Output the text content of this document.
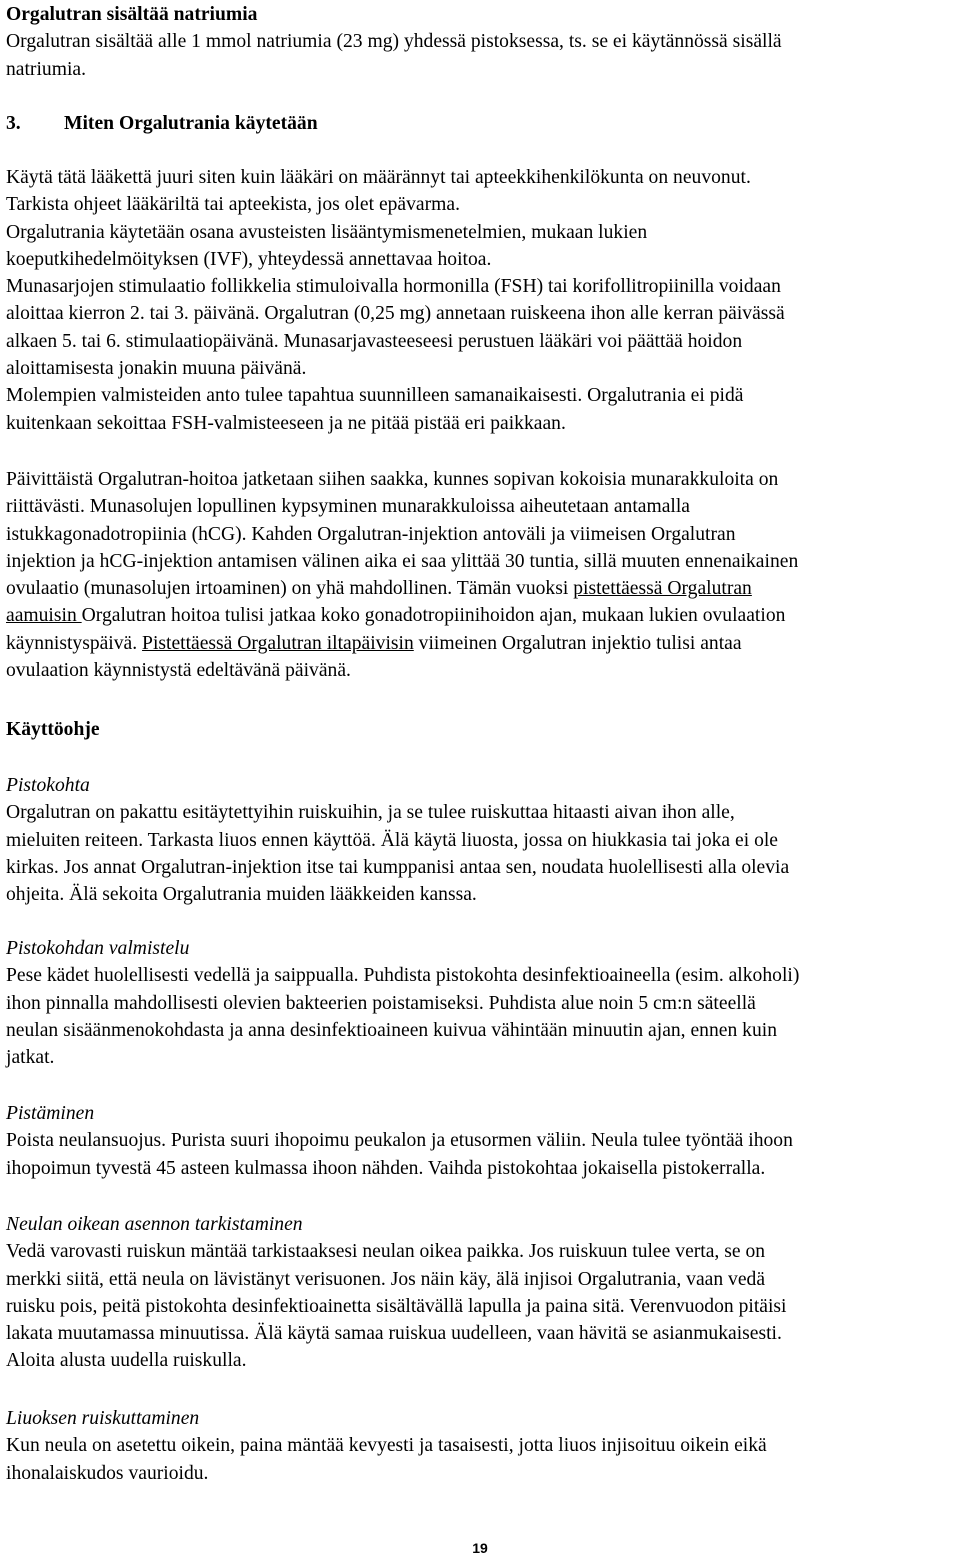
Orgalutran sisältää natriumia

Orgalutran sisältää alle 1 mmol natriumia (23 mg) yhdessä pistoksessa, ts. se ei käytännössä sisällä

natriumia.

3. Miten Orgalutrania käytetään

Käytä tätä lääkettä juuri siten kuin lääkäri on määrännyt tai apteekkihenkilökunta on neuvonut.

Tarkista ohjeet lääkäriltä tai apteekista, jos olet epävarma.

Orgalutrania käytetään osana avusteisten lisääntymismenetelmien, mukaan lukien

koeputkihedelmöityksen (IVF), yhteydessä annettavaa hoitoa.

Munasarjojen stimulaatio follikkelia stimuloivalla hormonilla (FSH) tai korifollitropiinilla voidaan

aloittaa kierron 2. tai 3. päivänä. Orgalutran (0,25 mg) annetaan ruiskeena ihon alle kerran päivässä

alkaen 5. tai 6. stimulaatiopäivänä. Munasarjavasteeseesi perustuen lääkäri voi päättää hoidon

aloittamisesta jonakin muuna päivänä.

Molempien valmisteiden anto tulee tapahtua suunnilleen samanaikaisesti. Orgalutrania ei pidä

kuitenkaan sekoittaa FSH-valmisteeseen ja ne pitää pistää eri paikkaan.

Päivittäistä Orgalutran-hoitoa jatketaan siihen saakka, kunnes sopivan kokoisia munarakkuloita on

riittävästi. Munasolujen lopullinen kypsyminen munarakkuloissa aiheutetaan antamalla

istukkagonadotropiinia (hCG). Kahden Orgalutran-injektion antoväli ja viimeisen Orgalutran

injektion ja hCG-injektion antamisen välinen aika ei saa ylittää 30 tuntia, sillä muuten ennenaikainen

ovulaatio (munasolujen irtoaminen) on yhä mahdollinen. Tämän vuoksi pistettäessä Orgalutran

aamuisin Orgalutran hoitoa tulisi jatkaa koko gonadotropiinihoidon ajan, mukaan lukien ovulaation

käynnistyspäivä. Pistettäessä Orgalutran iltapäivisin viimeinen Orgalutran injektio tulisi antaa

ovulaation käynnistystä edeltävänä päivänä.

Käyttöohje

Pistokohta

Orgalutran on pakattu esitäytettyihin ruiskuihin, ja se tulee ruiskuttaa hitaasti aivan ihon alle,

mieluiten reiteen. Tarkasta liuos ennen käyttöä. Älä käytä liuosta, jossa on hiukkasia tai joka ei ole

kirkas. Jos annat Orgalutran-injektion itse tai kumppanisi antaa sen, noudata huolellisesti alla olevia

ohjeita. Älä sekoita Orgalutrania muiden lääkkeiden kanssa.

Pistokohdan valmistelu

Pese kädet huolellisesti vedellä ja saippualla. Puhdista pistokohta desinfektioaineella (esim. alkoholi)

ihon pinnalla mahdollisesti olevien bakteerien poistamiseksi. Puhdista alue noin 5 cm:n säteellä

neulan sisäänmenokohdasta ja anna desinfektioaineen kuivua vähintään minuutin ajan, ennen kuin

jatkat.

Pistäminen

Poista neulansuojus. Purista suuri ihopoimu peukalon ja etusormen väliin. Neula tulee työntää ihoon

ihopoimun tyvestä 45 asteen kulmassa ihoon nähden. Vaihda pistokohtaa jokaisella pistokerralla.

Neulan oikean asennon tarkistaminen

Vedä varovasti ruiskun mäntää tarkistaaksesi neulan oikea paikka. Jos ruiskuun tulee verta, se on

merkki siitä, että neula on lävistänyt verisuonen. Jos näin käy, älä injisoi Orgalutrania, vaan vedä

ruisku pois, peitä pistokohta desinfektioainetta sisältävällä lapulla ja paina sitä. Verenvuodon pitäisi

lakata muutamassa minuutissa. Älä käytä samaa ruiskua uudelleen, vaan hävitä se asianmukaisesti.

Aloita alusta uudella ruiskulla.

Liuoksen ruiskuttaminen

Kun neula on asetettu oikein, paina mäntää kevyesti ja tasaisesti, jotta liuos injisoituu oikein eikä

ihonalaiskudos vaurioidu.

19
